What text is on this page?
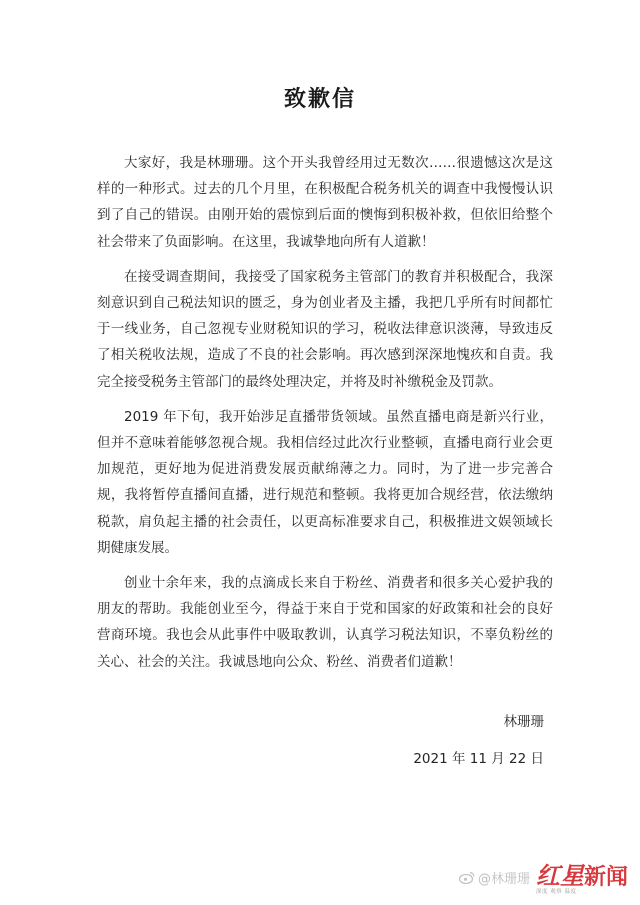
致歉信

大家好，我是林珊珊。这个开头我曾经用过无数次……很遗憾这次是这样的一种形式。过去的几个月里，在积极配合税务机关的调查中我慢慢认识到了自己的错误。由刚开始的震惊到后面的懊悔到积极补救，但依旧给整个社会带来了负面影响。在这里，我诚挚地向所有人道歉！

在接受调查期间，我接受了国家税务主管部门的教育并积极配合，我深刻意识到自己税法知识的匮乏，身为创业者及主播，我把几乎所有时间都忙于一线业务，自己忽视专业财税知识的学习，税收法律意识淡薄，导致违反了相关税收法规，造成了不良的社会影响。再次感到深深地愧疚和自责。我完全接受税务主管部门的最终处理决定，并将及时补缴税金及罚款。

2019 年下旬，我开始涉足直播带货领域。虽然直播电商是新兴行业，但并不意味着能够忽视合规。我相信经过此次行业整顿，直播电商行业会更加规范，更好地为促进消费发展贡献绵薄之力。同时，为了进一步完善合规，我将暂停直播间直播，进行规范和整顿。我将更加合规经营，依法缴纳税款，肩负起主播的社会责任，以更高标准要求自己，积极推进文娱领域长期健康发展。

创业十余年来，我的点滴成长来自于粉丝、消费者和很多关心爱护我的朋友的帮助。我能创业至今，得益于来自于党和国家的好政策和社会的良好营商环境。我也会从此事件中吸取教训，认真学习税法知识，不辜负粉丝的关心、社会的关注。我诚恳地向公众、粉丝、消费者们道歉！

林珊珊
2021 年 11 月 22 日
@林珊珊 红星新闻
深度 观察 温度
